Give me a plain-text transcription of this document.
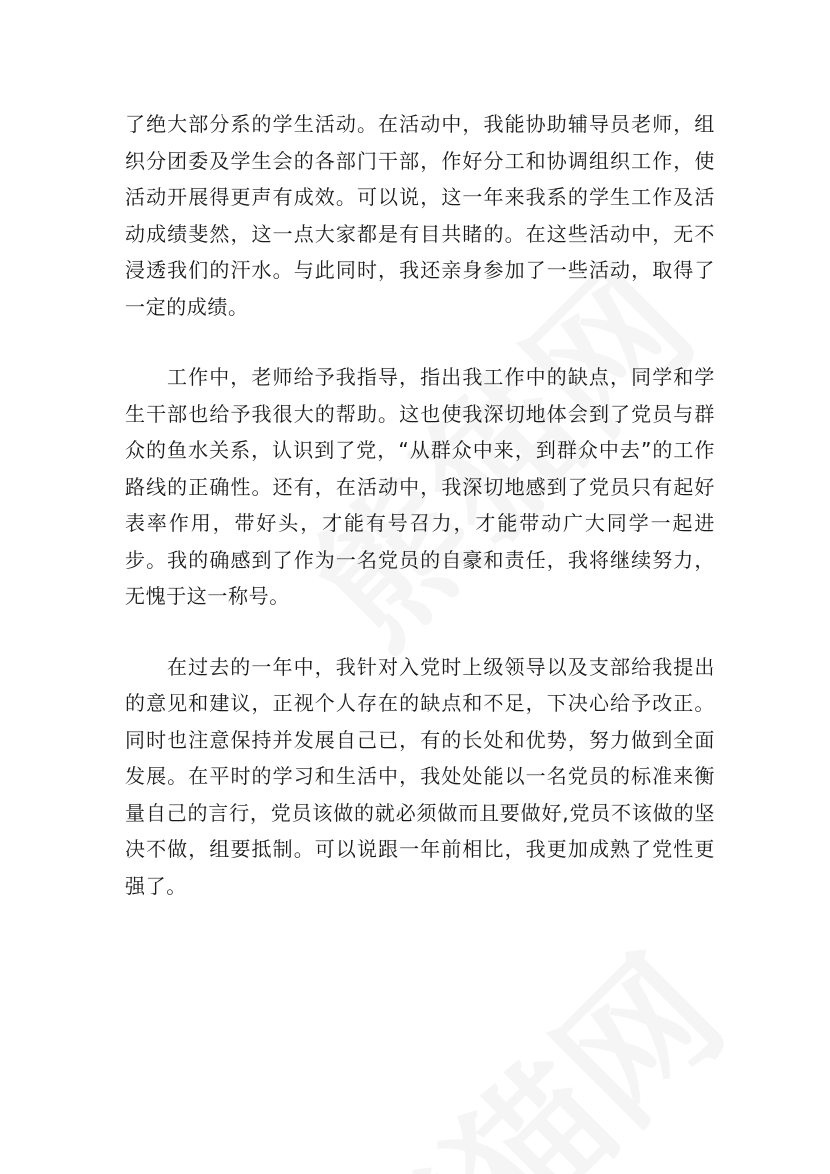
了绝大部分系的学生活动。在活动中，我能协助辅导员老师，组织分团委及学生会的各部门干部，作好分工和协调组织工作，使活动开展得更声有成效。可以说，这一年来我系的学生工作及活动成绩斐然，这一点大家都是有目共睹的。在这些活动中，无不浸透我们的汗水。与此同时，我还亲身参加了一些活动，取得了一定的成绩。

工作中，老师给予我指导，指出我工作中的缺点，同学和学生干部也给予我很大的帮助。这也使我深切地体会到了党员与群众的鱼水关系，认识到了党，“从群众中来，到群众中去”的工作路线的正确性。还有，在活动中，我深切地感到了党员只有起好表率作用，带好头，才能有号召力，才能带动广大同学一起进步。我的确感到了作为一名党员的自豪和责任，我将继续努力，无愧于这一称号。

在过去的一年中，我针对入党时上级领导以及支部给我提出的意见和建议，正视个人存在的缺点和不足，下决心给予改正。同时也注意保持并发展自己已，有的长处和优势，努力做到全面发展。在平时的学习和生活中，我处处能以一名党员的标准来衡量自己的言行，党员该做的就必须做而且要做好,党员不该做的坚决不做，组要抵制。可以说跟一年前相比，我更加成熟了党性更强了。
